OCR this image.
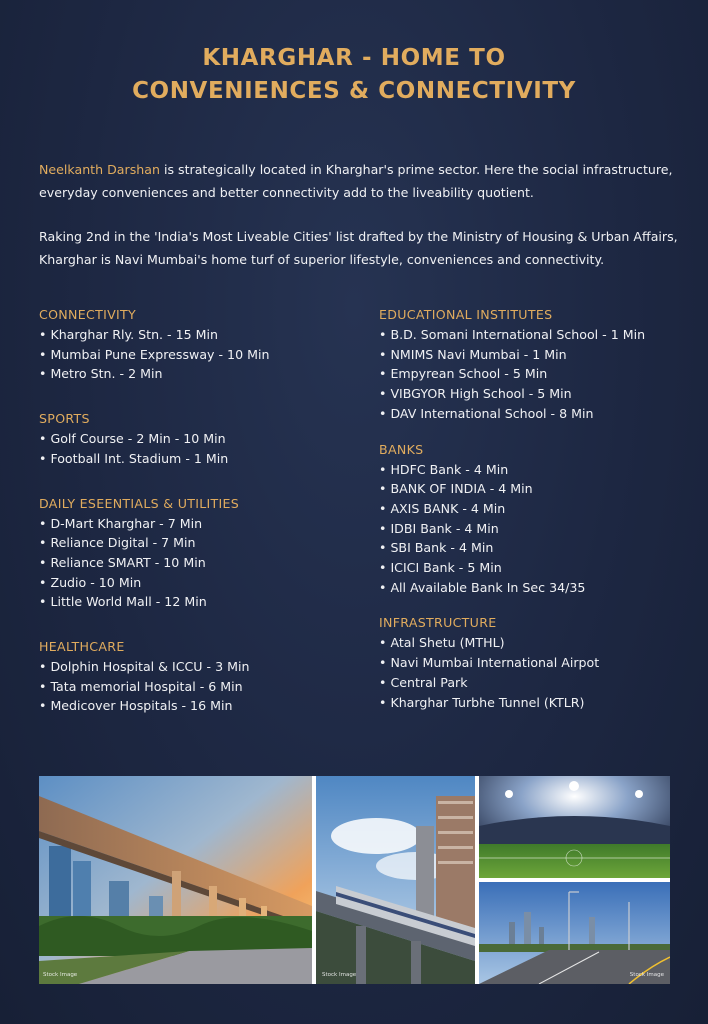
KHARGHAR - HOME TO
CONVENIENCES & CONNECTIVITY

Neelkanth Darshan is strategically located in Kharghar's prime sector. Here the social infrastructure, everyday conveniences and better connectivity add to the liveability quotient.

Raking 2nd in the 'India's Most Liveable Cities' list drafted by the Ministry of Housing & Urban Affairs, Kharghar is Navi Mumbai's home turf of superior lifestyle, conveniences and connectivity.

CONNECTIVITY
• Kharghar Rly. Stn. - 15 Min
• Mumbai Pune Expressway - 10 Min
• Metro Stn. - 2 Min
SPORTS
• Golf Course - 2 Min - 10 Min
• Football Int. Stadium - 1 Min
DAILY ESEENTIALS & UTILITIES
• D-Mart Kharghar - 7 Min
• Reliance Digital - 7 Min
• Reliance SMART - 10 Min
• Zudio - 10 Min
• Little World Mall - 12 Min
HEALTHCARE
• Dolphin Hospital & ICCU - 3 Min
• Tata memorial Hospital - 6 Min
• Medicover Hospitals - 16 Min
EDUCATIONAL INSTITUTES
• B.D. Somani International School - 1 Min
• NMIMS Navi Mumbai - 1 Min
• Empyrean School - 5 Min
• VIBGYOR High School - 5 Min
• DAV International School - 8 Min
BANKS
• HDFC Bank - 4 Min
• BANK OF INDIA - 4 Min
• AXIS BANK - 4 Min
• IDBI Bank - 4 Min
• SBI Bank - 4 Min
• ICICI Bank - 5 Min
• All Available Bank In Sec 34/35
INFRASTRUCTURE
• Atal Shetu (MTHL)
• Navi Mumbai International Airpot
• Central Park
• Kharghar Turbhe Tunnel (KTLR)
Stock Image	Stock Image	Stock Image
